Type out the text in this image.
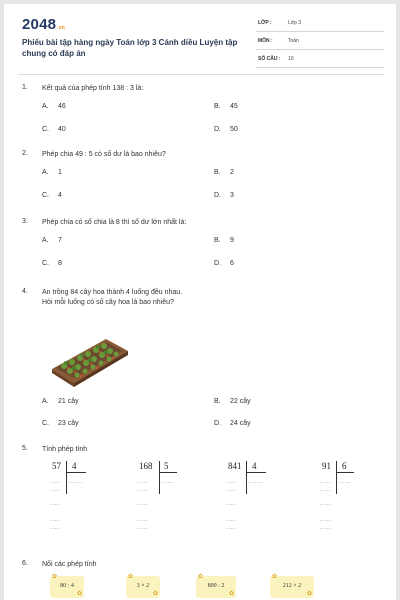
2048.vn
Phiếu bài tập hàng ngày Toán lớp 3 Cánh diều Luyện tập chung có đáp án
LỚP :	Lớp 3
MÔN :	Toán
SỐ CÂU : 10
1. Kết quả của phép tính 138 : 3 là:
A. 46	B. 45
C. 40	D. 50
2. Phép chia 49 : 5 có số dư là bao nhiêu?
A. 1	B. 2
C. 4	D. 3
3. Phép chia có số chia là 8 thì số dư lớn nhất là:
A. 7	B. 9
C. 8	D. 6
4. An trồng 84 cây hoa thành 4 luống đều nhau.
Hỏi mỗi luống có số cây hoa là bao nhiêu?
A. 21 cây	B. 22 cây
C. 23 cây	D. 24 cây
5. Tính phép tính
57 4
..... .......
.....
.....
.....
.....
168 5
..... ......
.....
.....
.....
.....
841 4
..... .......
.....
.....
.....
.....
91 6
..... ......
.....
.....
.....
.....
6. Nối các phép tính
✿
80 : 4
✿
✿
3 × 2
✿
✿
800 : 2
✿
✿
212 × 2
✿
